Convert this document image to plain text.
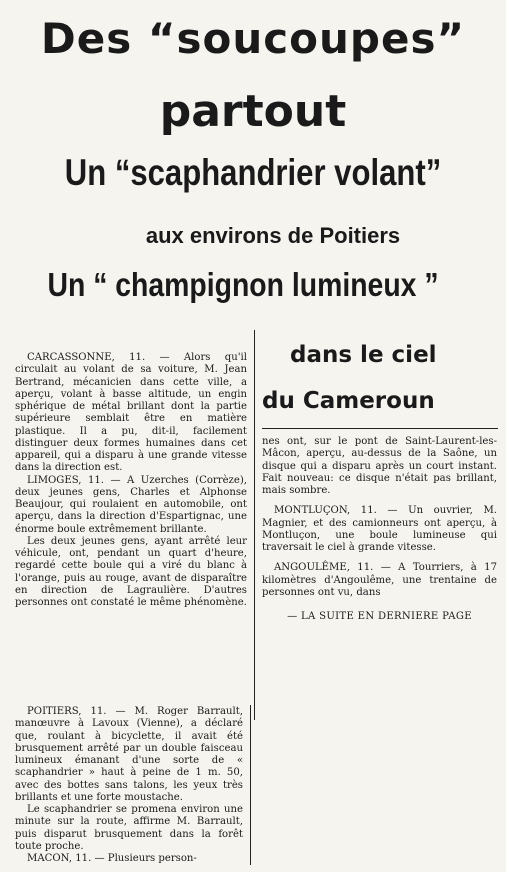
Des “soucoupes”
partout
Un “scaphandrier volant”
aux environs de Poitiers
Un “ champignon lumineux ”
dans le ciel
du Cameroun

CARCASSONNE, 11. — Alors qu'il circulait au volant de sa voiture, M. Jean Bertrand, mécanicien dans cette ville, a aperçu, volant à basse altitude, un engin sphérique de métal brillant dont la partie supérieure semblait être en matière plastique. Il a pu, dit-il, facilement distinguer deux formes humaines dans cet appareil, qui a disparu à une grande vitesse dans la direction est.

LIMOGES, 11. — A Uzerches (Corrèze), deux jeunes gens, Charles et Alphonse Beaujour, qui roulaient en automobile, ont aperçu, dans la direction d'Espartignac, une énorme boule extrêmement brillante.

Les deux jeunes gens, ayant arrêté leur véhicule, ont, pendant un quart d'heure, regardé cette boule qui a viré du blanc à l'orange, puis au rouge, avant de disparaître en direction de Lagraulière. D'autres personnes ont constaté le même phénomène.

POITIERS, 11. — M. Roger Barrault, manœuvre à Lavoux (Vienne), a déclaré que, roulant à bicyclette, il avait été brusquement arrêté par un double faisceau lumineux émanant d'une sorte de « scaphandrier » haut à peine de 1 m. 50, avec des bottes sans talons, les yeux très brillants et une forte moustache.

Le scaphandrier se promena environ une minute sur la route, affirme M. Barrault, puis disparut brusquement dans la forêt toute proche.

MACON, 11. — Plusieurs person-

nes ont, sur le pont de Saint-Laurent-les-Mâcon, aperçu, au-dessus de la Saône, un disque qui a disparu après un court instant. Fait nouveau: ce disque n'était pas brillant, mais sombre.

MONTLUÇON, 11. — Un ouvrier, M. Magnier, et des camionneurs ont aperçu, à Montluçon, une boule lumineuse qui traversait le ciel à grande vitesse.

ANGOULÊME, 11. — A Tourriers, à 17 kilomètres d'Angoulême, une trentaine de personnes ont vu, dans

— LA SUITE EN DERNIERE PAGE
